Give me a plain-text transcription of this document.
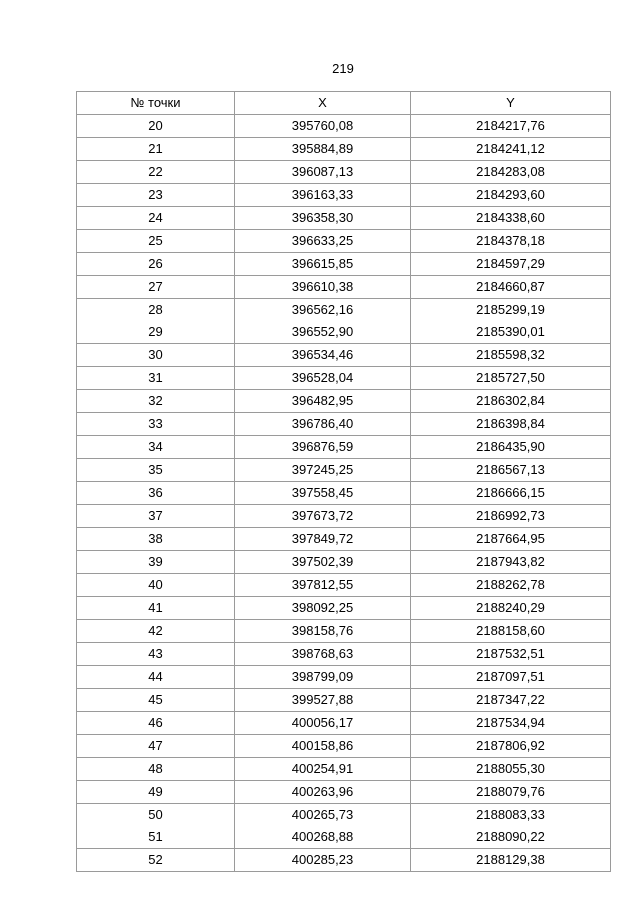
219
№ точки	X	Y
20	395760,08	2184217,76
21	395884,89	2184241,12
22	396087,13	2184283,08
23	396163,33	2184293,60
24	396358,30	2184338,60
25	396633,25	2184378,18
26	396615,85	2184597,29
27	396610,38	2184660,87
28	396562,16	2185299,19
29	396552,90	2185390,01
30	396534,46	2185598,32
31	396528,04	2185727,50
32	396482,95	2186302,84
33	396786,40	2186398,84
34	396876,59	2186435,90
35	397245,25	2186567,13
36	397558,45	2186666,15
37	397673,72	2186992,73
38	397849,72	2187664,95
39	397502,39	2187943,82
40	397812,55	2188262,78
41	398092,25	2188240,29
42	398158,76	2188158,60
43	398768,63	2187532,51
44	398799,09	2187097,51
45	399527,88	2187347,22
46	400056,17	2187534,94
47	400158,86	2187806,92
48	400254,91	2188055,30
49	400263,96	2188079,76
50	400265,73	2188083,33
51	400268,88	2188090,22
52	400285,23	2188129,38
